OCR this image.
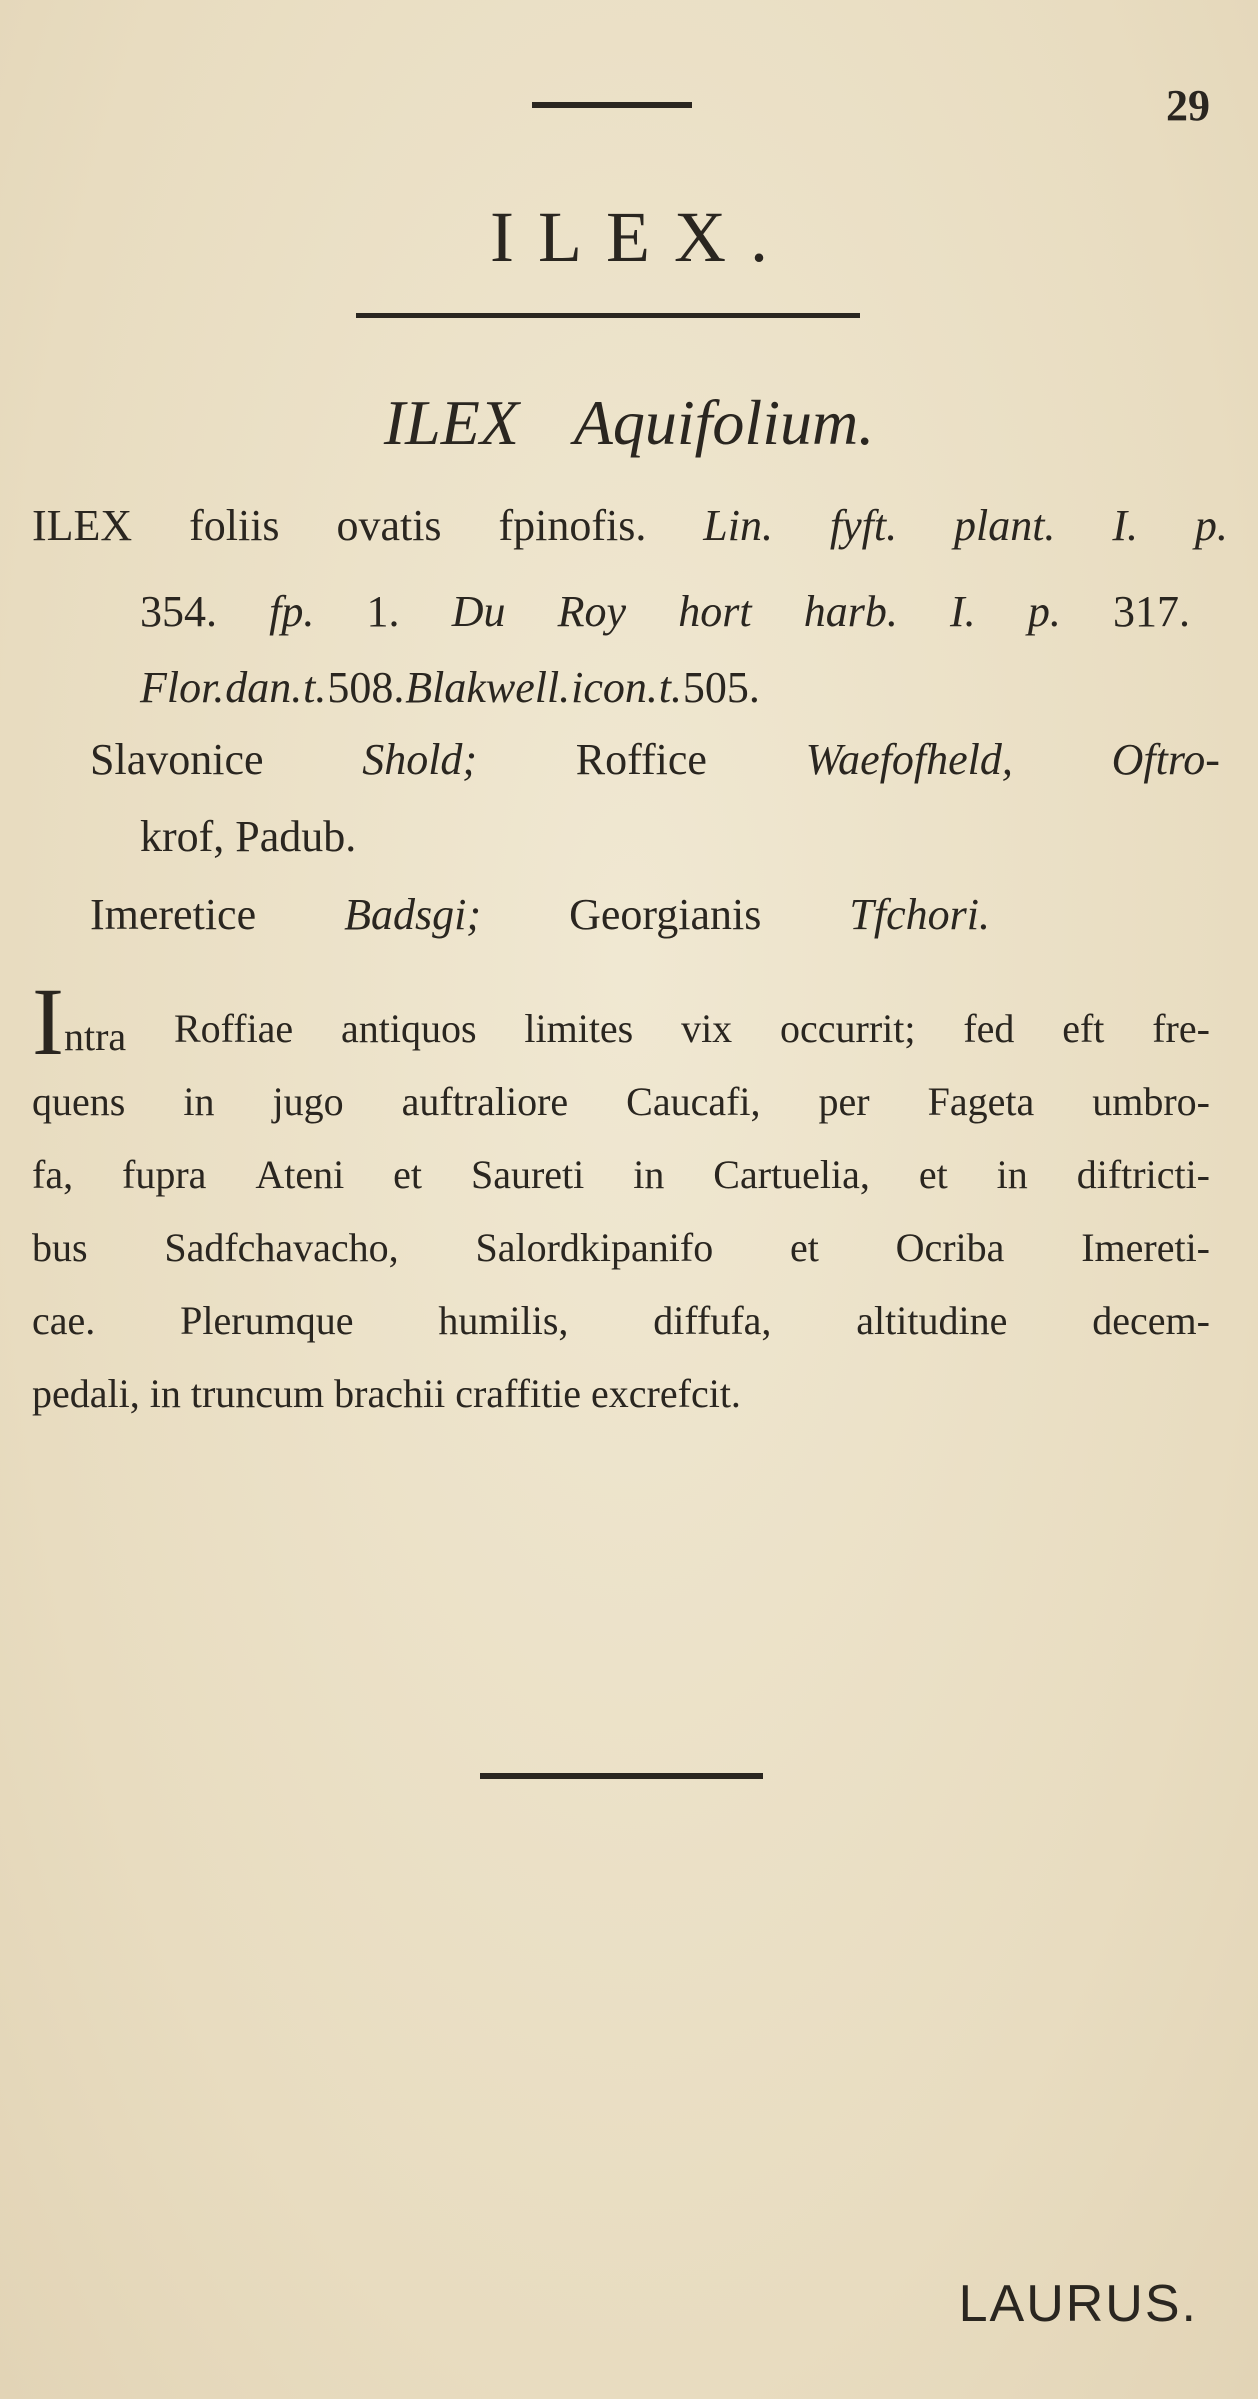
29
ILEX.
ILEX Aquifolium.
ILEX foliis ovatis fpinofis. Lin. fyft. plant. I. p.
354. fp. 1. Du Roy hort harb. I. p. 317.
Flor. dan. t. 508. Blakwell. icon. t. 505.
Slavonice Shold; Roffice Waefofheld, Oftro-
krof, Padub.
Imeretice Badsgi; Georgianis Tfchori.
Intra Roffiae antiquos limites vix occurrit; fed eft fre-
quens in jugo auftraliore Caucafi, per Fageta umbro-
fa, fupra Ateni et Saureti in Cartuelia, et in diftricti-
bus Sadfchavacho, Salordkipanifo et Ocriba Imereti-
cae. Plerumque humilis, diffufa, altitudine decem-
pedali, in truncum brachii craffitie excrefcit.
LAURUS.
